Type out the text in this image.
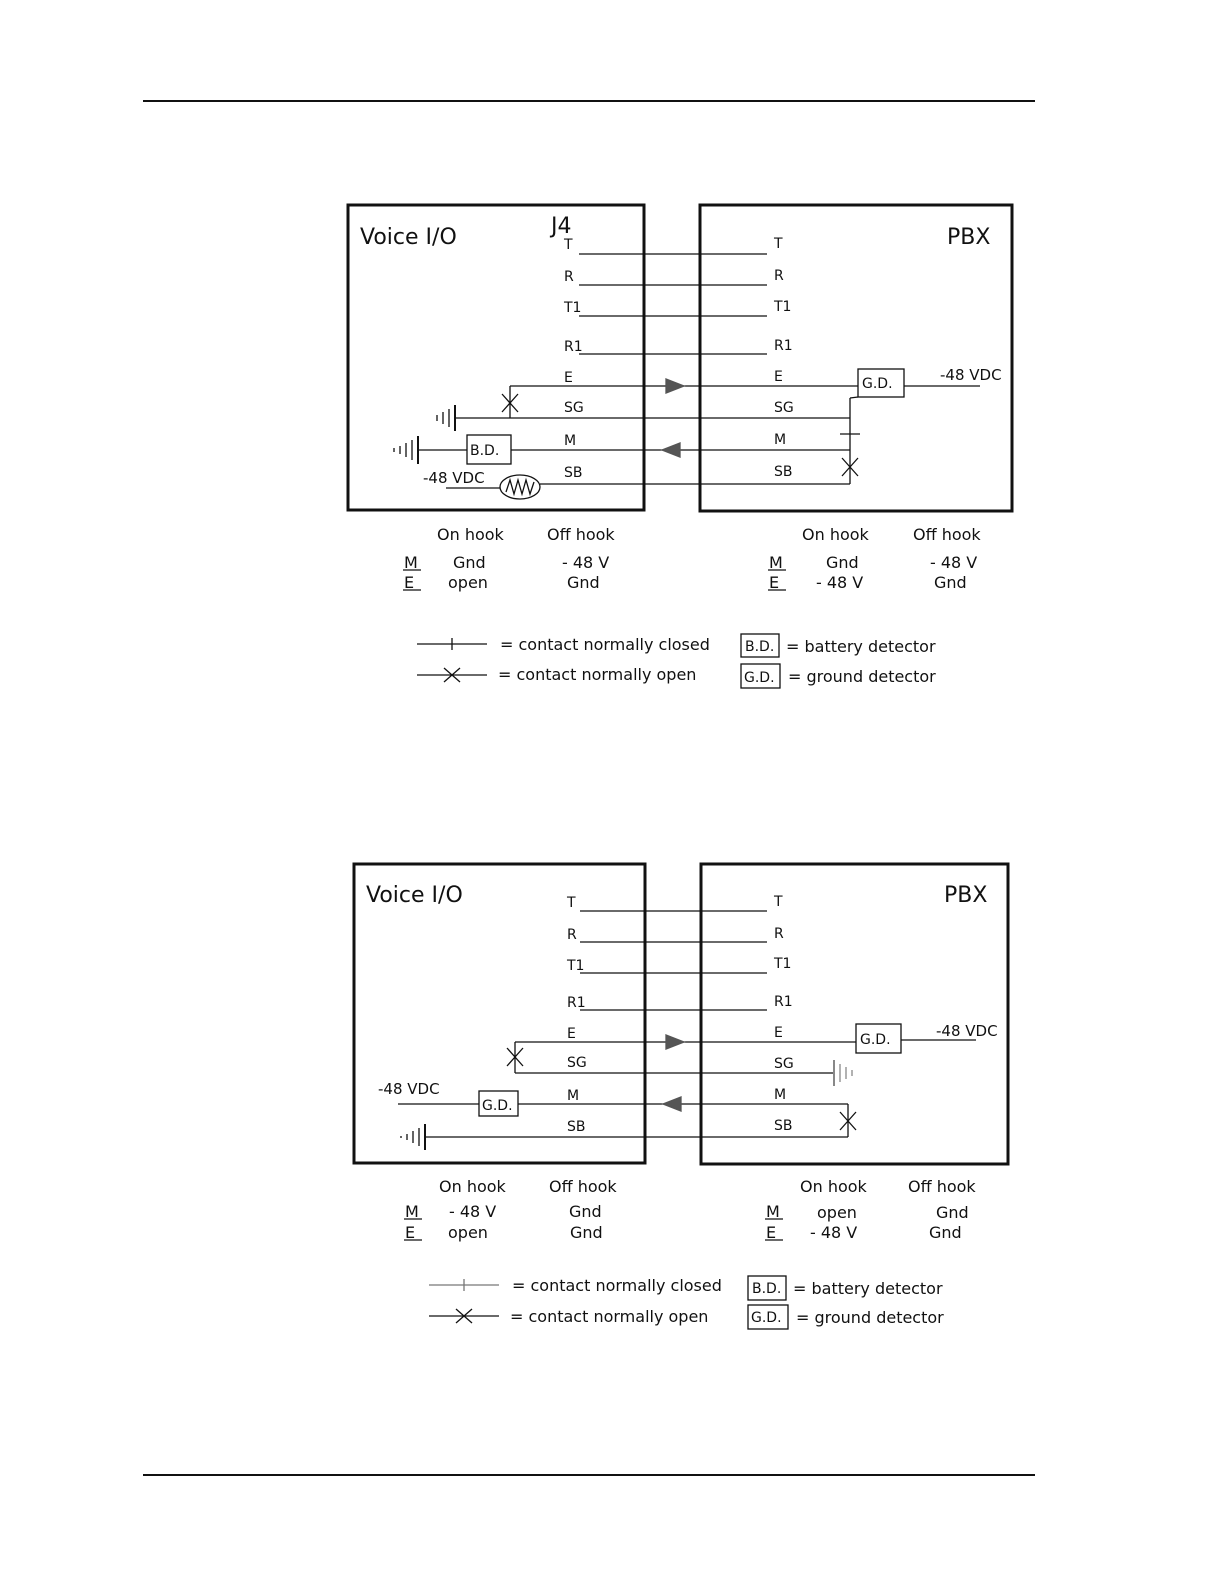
Voice I/O	J4	PBX
T
R
T1
R1
E
SG
M
SB
T
R
T1
R1
E
SG
M
SB
G.D.	-48 VDC
B.D.
-48 VDC
On hook	Off hook
M Gnd	- 48 V
E open	Gnd
On hook	Off hook
M	Gnd	- 48 V
E - 48 V	Gnd
= contact normally closed
= contact normally open
B.D. = battery detector
G.D. = ground detector
Voice I/O	PBX
T
R
T1
R1
E
SG
M
SB
T
R
T1
R1
E
SG
M
SB
G.D.	-48 VDC
G.D.
-48 VDC
On hook	Off hook
M - 48 V	Gnd
E open	Gnd
On hook	Off hook
M open	Gnd
E - 48 V	Gnd
= contact normally closed
= contact normally open
B.D. = battery detector
G.D. = ground detector
